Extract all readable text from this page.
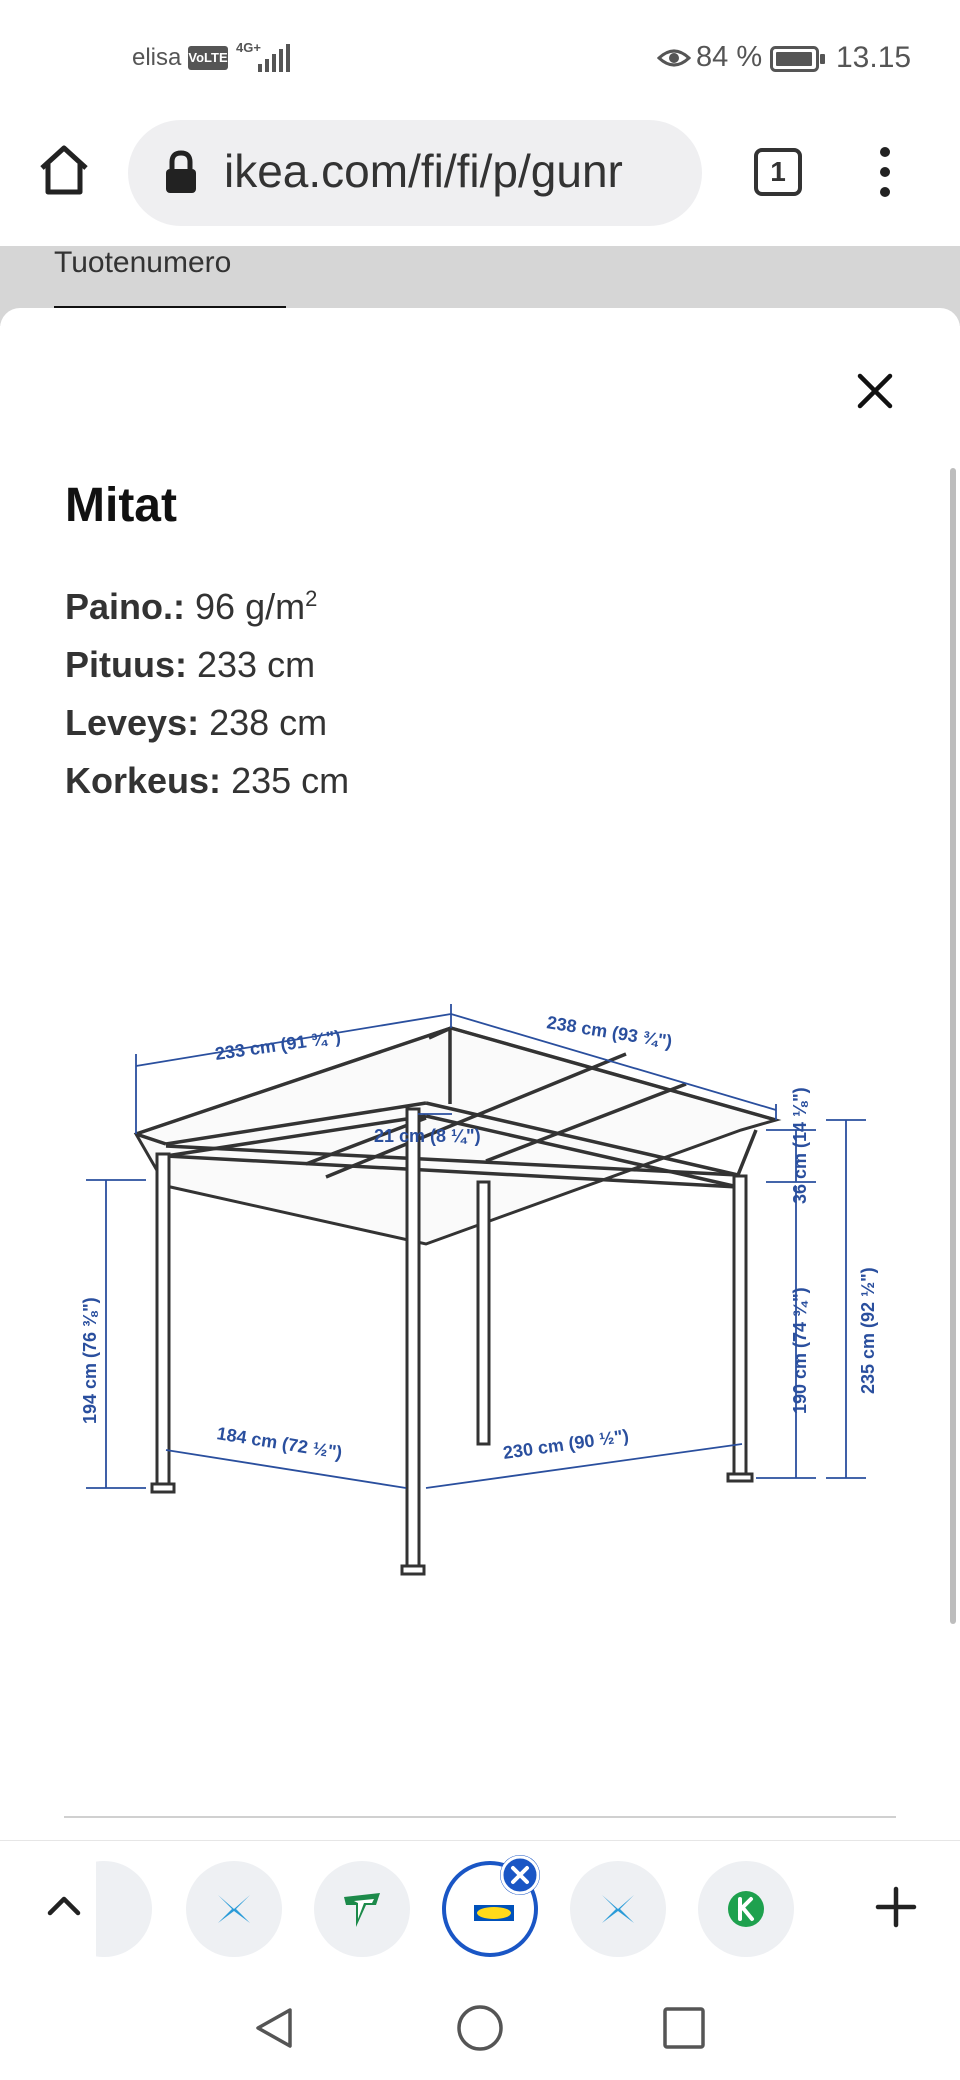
elisa VoLTE
4G+	84 % 13.15
ikea.com/fi/fi/p/gunr	1
Tuotenumero
Mitat
Paino.: 96 $g/m^2$
Pituus: 233 cm
Leveys: 238 cm
Korkeus: 235 cm
233 cm (91 ¾")	238 cm (93 ¾")
21 cm (8 ¼")	36 cm (14 ⅛")
190 cm (74 ¾")	235 cm (92 ½")
194 cm (76 ⅜")
184 cm (72 ½")	230 cm (90 ½")
